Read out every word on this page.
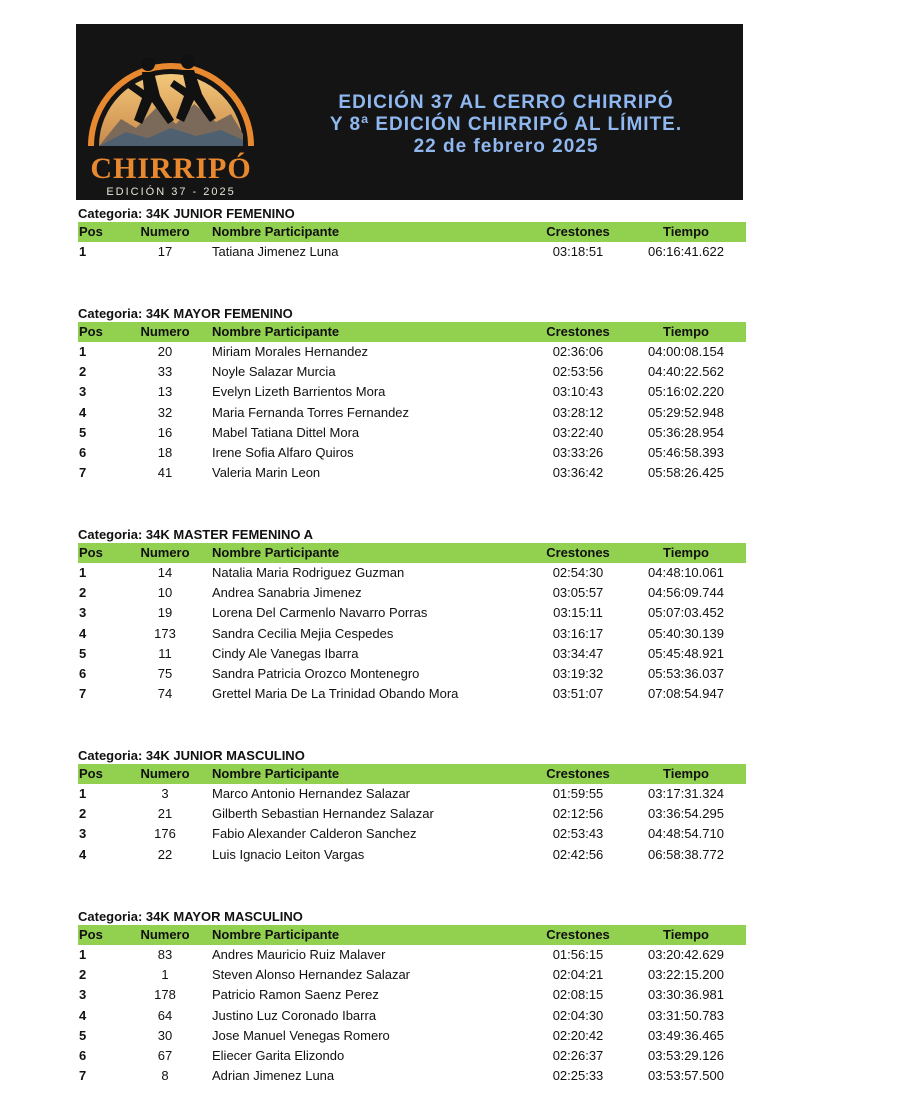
CHIRRIPÓ
EDICIÓN 37 - 2025
EDICIÓN 37 AL CERRO CHIRRIPÓ
Y 8ª EDICIÓN CHIRRIPÓ AL LÍMITE.
22 de febrero 2025
Categoria: 34K JUNIOR FEMENINO
Pos	Numero	Nombre Participante	Crestones	Tiempo
1	17	Tatiana Jimenez Luna	03:18:51	06:16:41.622
Categoria: 34K MAYOR FEMENINO
Pos	Numero	Nombre Participante	Crestones	Tiempo
1	20	Miriam Morales Hernandez	02:36:06	04:00:08.154
2	33	Noyle Salazar Murcia	02:53:56	04:40:22.562
3	13	Evelyn Lizeth Barrientos Mora	03:10:43	05:16:02.220
4	32	Maria Fernanda Torres Fernandez	03:28:12	05:29:52.948
5	16	Mabel Tatiana Dittel Mora	03:22:40	05:36:28.954
6	18	Irene Sofia Alfaro Quiros	03:33:26	05:46:58.393
7	41	Valeria Marin Leon	03:36:42	05:58:26.425
Categoria: 34K MASTER FEMENINO A
Pos	Numero	Nombre Participante	Crestones	Tiempo
1	14	Natalia Maria Rodriguez Guzman	02:54:30	04:48:10.061
2	10	Andrea Sanabria Jimenez	03:05:57	04:56:09.744
3	19	Lorena Del Carmenlo Navarro Porras	03:15:11	05:07:03.452
4	173	Sandra Cecilia Mejia Cespedes	03:16:17	05:40:30.139
5	11	Cindy Ale Vanegas Ibarra	03:34:47	05:45:48.921
6	75	Sandra Patricia Orozco Montenegro	03:19:32	05:53:36.037
7	74	Grettel Maria De La Trinidad Obando Mora	03:51:07	07:08:54.947
Categoria: 34K JUNIOR MASCULINO
Pos	Numero	Nombre Participante	Crestones	Tiempo
1	3	Marco Antonio Hernandez Salazar	01:59:55	03:17:31.324
2	21	Gilberth Sebastian Hernandez Salazar	02:12:56	03:36:54.295
3	176	Fabio Alexander Calderon Sanchez	02:53:43	04:48:54.710
4	22	Luis Ignacio Leiton Vargas	02:42:56	06:58:38.772
Categoria: 34K MAYOR MASCULINO
Pos	Numero	Nombre Participante	Crestones	Tiempo
1	83	Andres Mauricio Ruiz Malaver	01:56:15	03:20:42.629
2	1	Steven Alonso Hernandez Salazar	02:04:21	03:22:15.200
3	178	Patricio Ramon Saenz Perez	02:08:15	03:30:36.981
4	64	Justino Luz Coronado Ibarra	02:04:30	03:31:50.783
5	30	Jose Manuel Venegas Romero	02:20:42	03:49:36.465
6	67	Eliecer Garita Elizondo	02:26:37	03:53:29.126
7	8	Adrian Jimenez Luna	02:25:33	03:53:57.500
